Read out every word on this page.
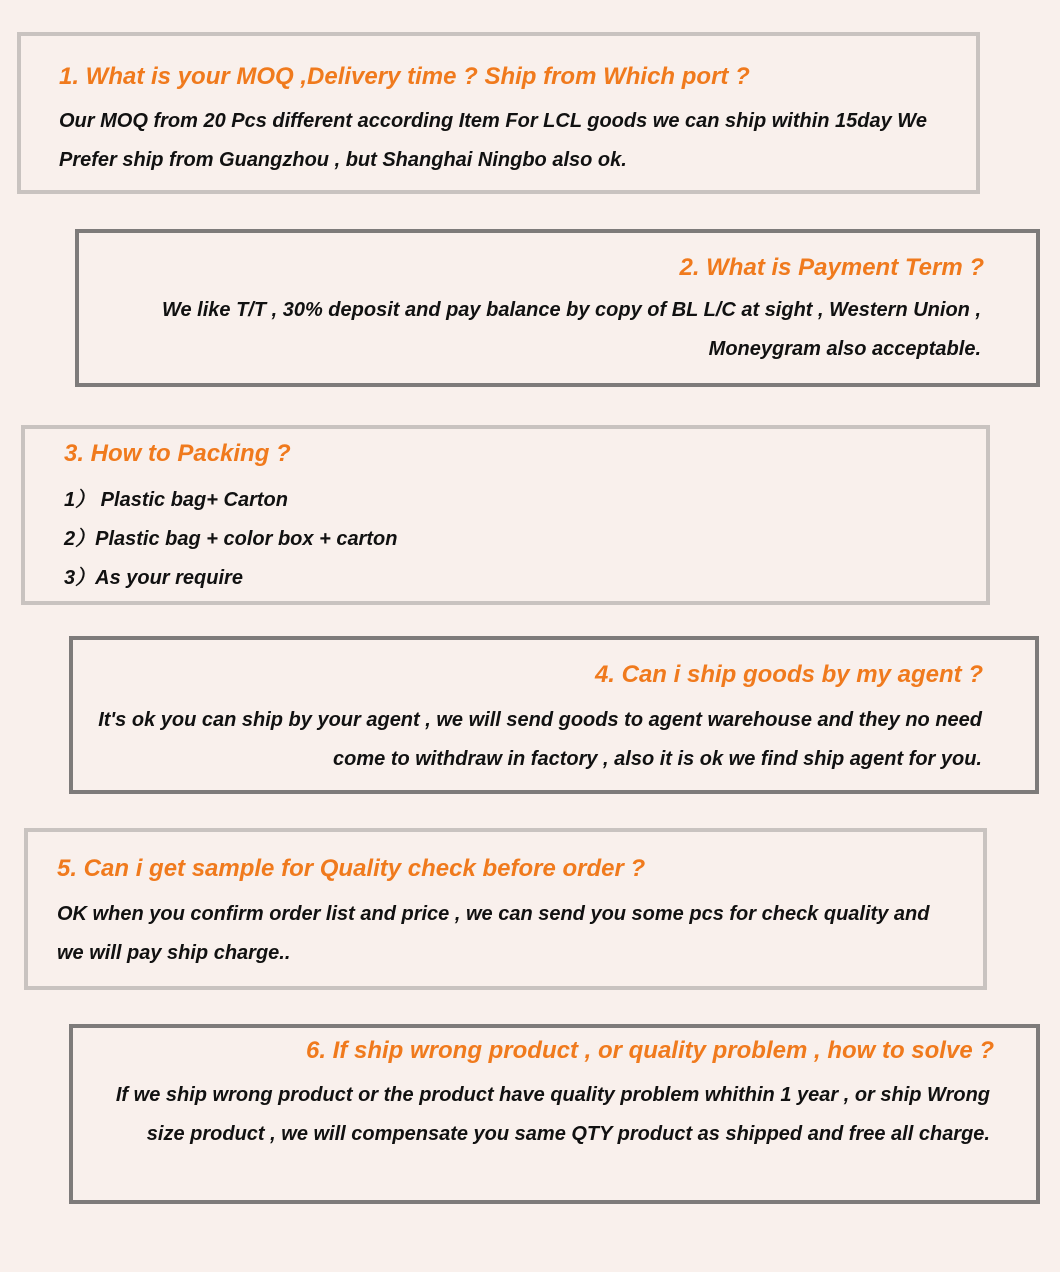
1. What is your MOQ ,Delivery time ? Ship from Which port ?

Our MOQ from 20 Pcs different according Item For LCL goods we can ship within 15day We Prefer ship from Guangzhou , but Shanghai Ningbo also ok.

2. What is Payment Term ?

We like T/T , 30% deposit and pay balance by copy of BL L/C at sight , Western Union , Moneygram also acceptable.

3. How to Packing ?
1） Plastic bag+ Carton
2）Plastic bag + color box + carton
3）As your require
4. Can i ship goods by my agent ?

It's ok you can ship by your agent , we will send goods to agent warehouse and they no need come to withdraw in factory , also it is ok we find ship agent for you.

5. Can i get sample for Quality check before order ?

OK when you confirm order list and price , we can send you some pcs for check quality and we will pay ship charge..

6. If ship wrong product , or quality problem , how to solve ?

If we ship wrong product or the product have quality problem whithin 1 year , or ship Wrong size product , we will compensate you same QTY product as shipped and free all charge.
